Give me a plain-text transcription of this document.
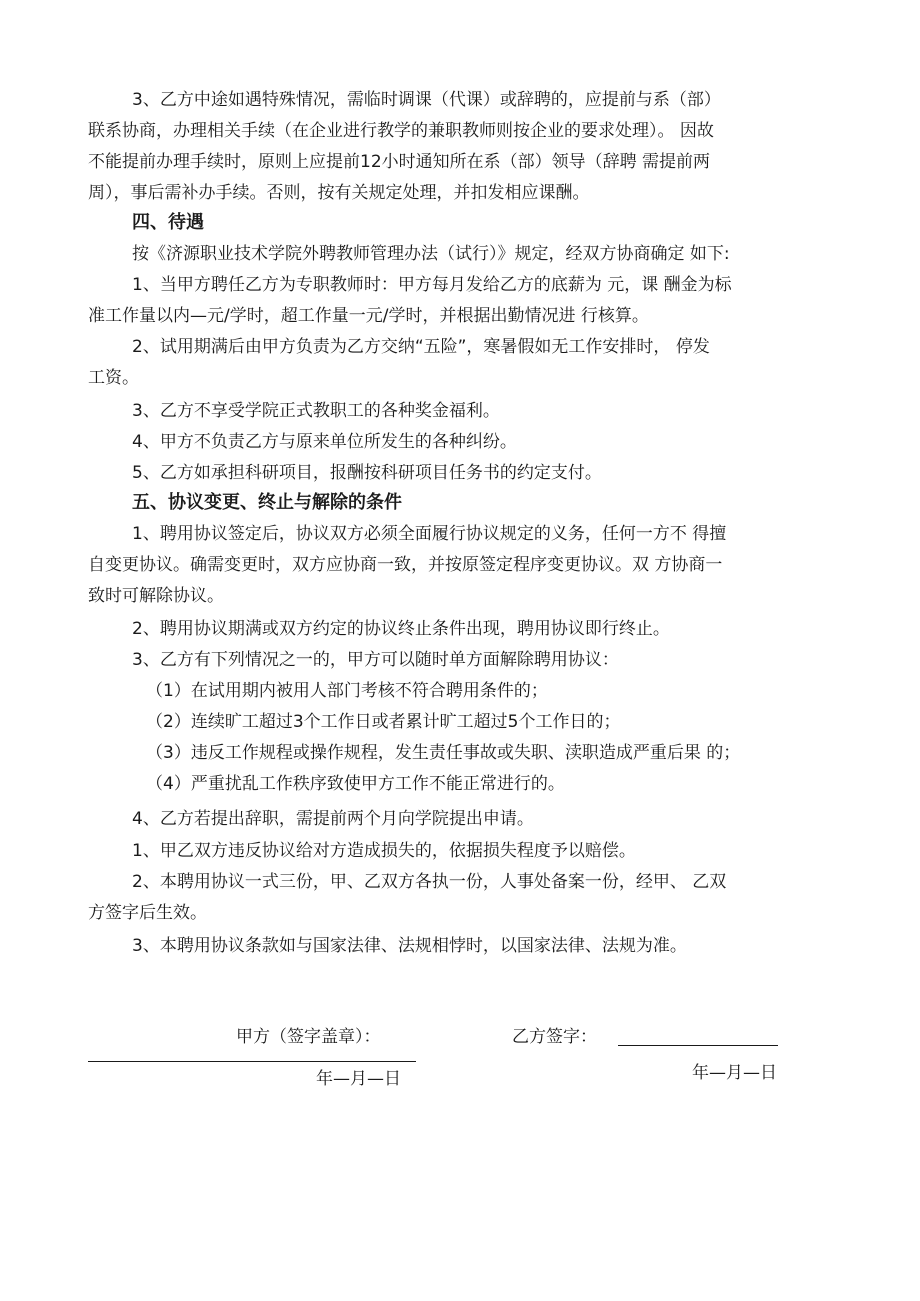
3、乙方中途如遇特殊情况，需临时调课（代课）或辞聘的，应提前与系（部）
联系协商，办理相关手续（在企业进行教学的兼职教师则按企业的要求处理）。 因故
不能提前办理手续时，原则上应提前12小时通知所在系（部）领导（辞聘 需提前两
周），事后需补办手续。否则，按有关规定处理，并扣发相应课酬。
四、待遇
按《济源职业技术学院外聘教师管理办法（试行）》规定，经双方协商确定 如下:
1、当甲方聘任乙方为专职教师时：甲方每月发给乙方的底薪为 元，课 酬金为标
准工作量以内—元/学时，超工作量一元/学时，并根据出勤情况进 行核算。
2、试用期满后由甲方负责为乙方交纳“五险”，寒暑假如无工作安排时， 停发
工资。
3、乙方不享受学院正式教职工的各种奖金福利。
4、甲方不负责乙方与原来单位所发生的各种纠纷。
5、乙方如承担科研项目，报酬按科研项目任务书的约定支付。
五、协议变更、终止与解除的条件
1、聘用协议签定后，协议双方必须全面履行协议规定的义务，任何一方不 得擅
自变更协议。确需变更时，双方应协商一致，并按原签定程序变更协议。双 方协商一
致时可解除协议。
2、聘用协议期满或双方约定的协议终止条件出现，聘用协议即行终止。
3、乙方有下列情况之一的，甲方可以随时单方面解除聘用协议：
（1）在试用期内被用人部门考核不符合聘用条件的；
（2）连续旷工超过3个工作日或者累计旷工超过5个工作日的；
（3）违反工作规程或操作规程，发生责任事故或失职、渎职造成严重后果 的；
（4）严重扰乱工作秩序致使甲方工作不能正常进行的。
4、乙方若提出辞职，需提前两个月向学院提出申请。
1、甲乙双方违反协议给对方造成损失的，依据损失程度予以赔偿。
2、本聘用协议一式三份，甲、乙双方各执一份，人事处备案一份，经甲、 乙双
方签字后生效。
3、本聘用协议条款如与国家法律、法规相悖时，以国家法律、法规为准。
甲方（签字盖章）：	乙方签字：
年—月—日	年—月—日
